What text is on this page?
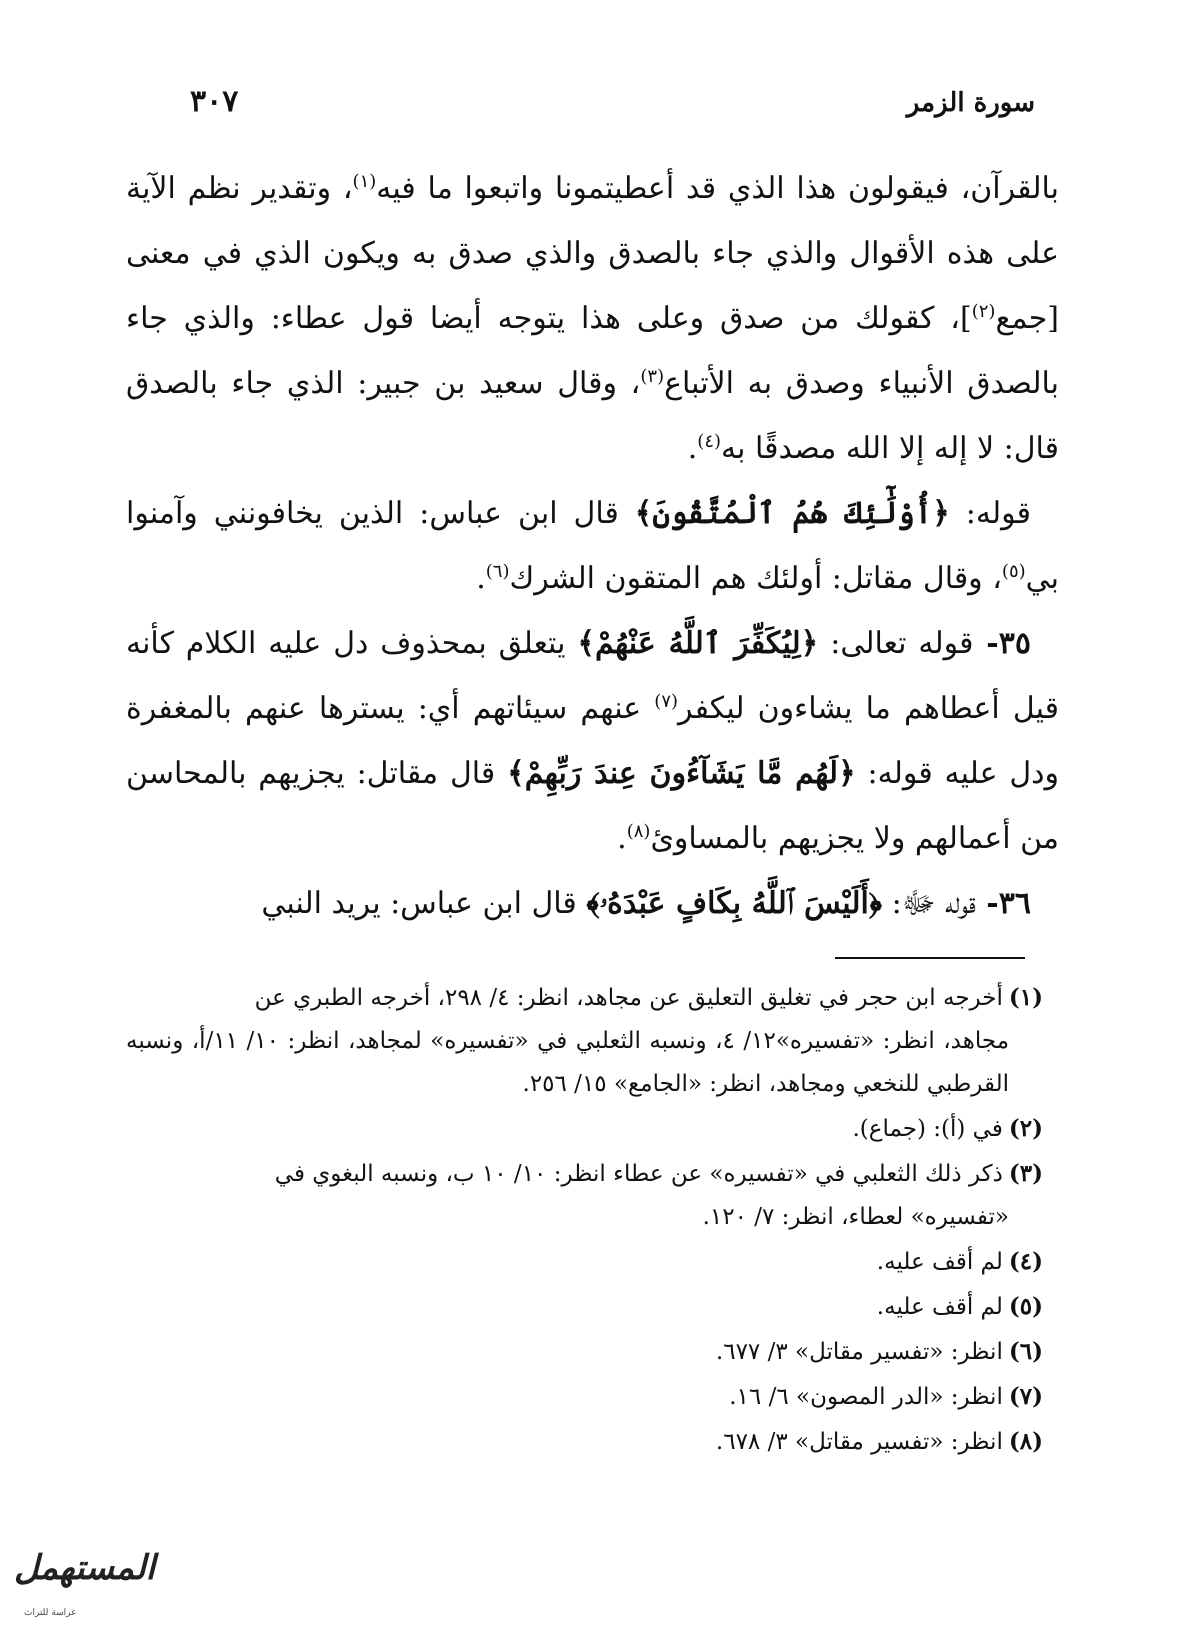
سورة الزمر
٣٠٧

بالقرآن، فيقولون هذا الذي قد أعطيتمونا واتبعوا ما فيه$^{(١)}$، وتقدير نظم الآية على هذه الأقوال والذي جاء بالصدق والذي صدق به ويكون الذي في معنى [جمع$^{(٢)}$]، كقولك من صدق وعلى هذا يتوجه أيضا قول عطاء: والذي جاء بالصدق الأنبياء وصدق به الأتباع$^{(٣)}$، وقال سعيد بن جبير: الذي جاء بالصدق قال: لا إله إلا الله مصدقًا به$^{(٤)}$.

قوله: ﴿أُوْلَٰٓئِكَ هُمُ ٱلْمُتَّقُونَ﴾ قال ابن عباس: الذين يخافونني وآمنوا بي$^{(٥)}$، وقال مقاتل: أولئك هم المتقون الشرك$^{(٦)}$.

٣٥- قوله تعالى: ﴿لِيُكَفِّرَ ٱللَّهُ عَنْهُمْ﴾ يتعلق بمحذوف دل عليه الكلام كأنه قيل أعطاهم ما يشاءون ليكفر$^{(٧)}$ عنهم سيئاتهم أي: يسترها عنهم بالمغفرة ودل عليه قوله: ﴿لَهُم مَّا يَشَآءُونَ عِندَ رَبِّهِمْ﴾ قال مقاتل: يجزيهم بالمحاسن من أعمالهم ولا يجزيهم بالمساوئ$^{(٨)}$.

٣٦- قوله ﷻ: ﴿أَلَيْسَ ٱللَّهُ بِكَافٍ عَبْدَهُۥ﴾ قال ابن عباس: يريد النبي

(١)أخرجه ابن حجر في تغليق التعليق عن مجاهد، انظر: ٤/ ٢٩٨، أخرجه الطبري عن
مجاهد، انظر: «تفسيره»١٢/ ٤، ونسبه الثعلبي في «تفسيره» لمجاهد، انظر: ١٠/ ١١/أ، ونسبه القرطبي للنخعي ومجاهد، انظر: «الجامع» ١٥/ ٢٥٦.

(٢)في (أ): (جماع).

(٣)ذكر ذلك الثعلبي في «تفسيره» عن عطاء انظر: ١٠/ ١٠ ب، ونسبه البغوي في
«تفسيره» لعطاء، انظر: ٧/ ١٢٠.

(٤)لم أقف عليه.

(٥)لم أقف عليه.

(٦)انظر: «تفسير مقاتل» ٣/ ٦٧٧.

(٧)انظر: «الدر المصون» ٦/ ١٦.

(٨)انظر: «تفسير مقاتل» ٣/ ٦٧٨.

المستهمل
غراسة للتراث
